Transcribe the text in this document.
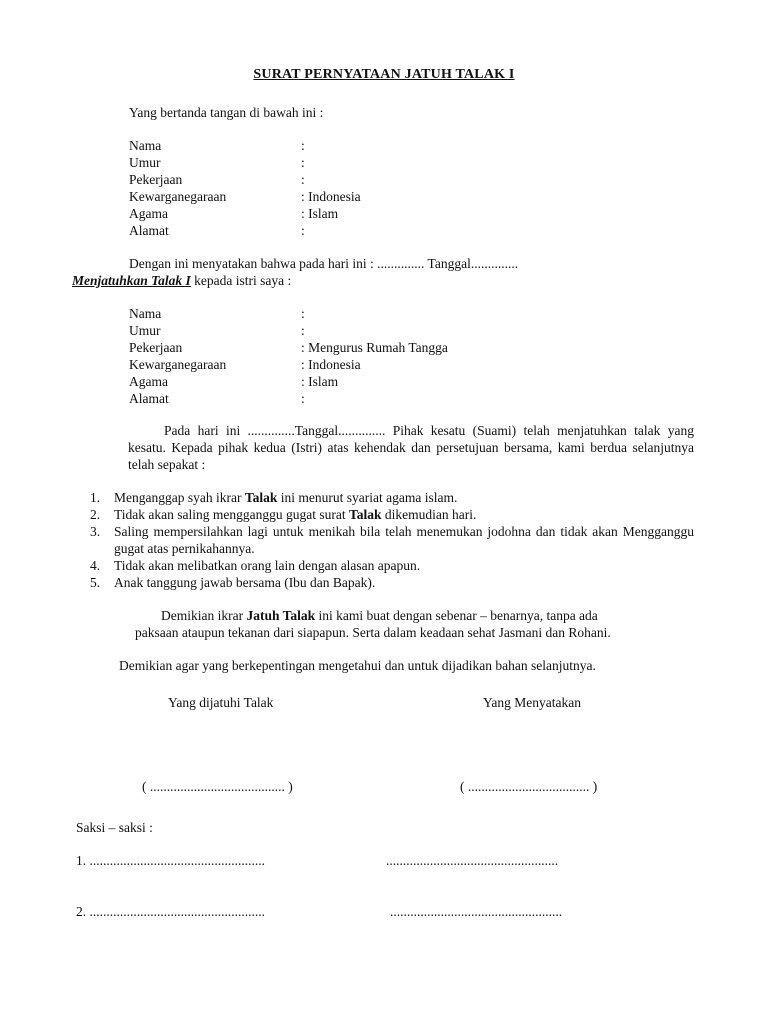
SURAT PERNYATAAN JATUH TALAK I
Yang bertanda tangan di bawah ini :
Nama	:
Umur	:
Pekerjaan	:
Kewarganegaraan	: Indonesia
Agama	: Islam
Alamat	:
Dengan ini menyatakan bahwa pada hari ini : .............. Tanggal..............
Menjatuhkan Talak I kepada istri saya :
Nama	:
Umur	:
Pekerjaan	: Mengurus Rumah Tangga
Kewarganegaraan	: Indonesia
Agama	: Islam
Alamat	:
Pada hari ini ..............Tanggal.............. Pihak kesatu (Suami) telah menjatuhkan talak yang kesatu. Kepada pihak kedua (Istri) atas kehendak dan persetujuan bersama, kami berdua selanjutnya telah sepakat :
1. Menganggap syah ikrar Talak ini menurut syariat agama islam.
2. Tidak akan saling mengganggu gugat surat Talak dikemudian hari.
3. Saling mempersilahkan lagi untuk menikah bila telah menemukan jodohna dan tidak akan Mengganggu gugat atas pernikahannya.
4. Tidak akan melibatkan orang lain dengan alasan apapun.
5. Anak tanggung jawab bersama (Ibu dan Bapak).
Demikian ikrar Jatuh Talak ini kami buat dengan sebenar – benarnya, tanpa ada
paksaan ataupun tekanan dari siapapun. Serta dalam keadaan sehat Jasmani dan Rohani.
Demikian agar yang berkepentingan mengetahui dan untuk dijadikan bahan selanjutnya.
Yang dijatuhi Talak	Yang Menyatakan
( ........................................ )	( .................................... )
Saksi – saksi :
1. ....................................................	...................................................
2. ....................................................	...................................................
